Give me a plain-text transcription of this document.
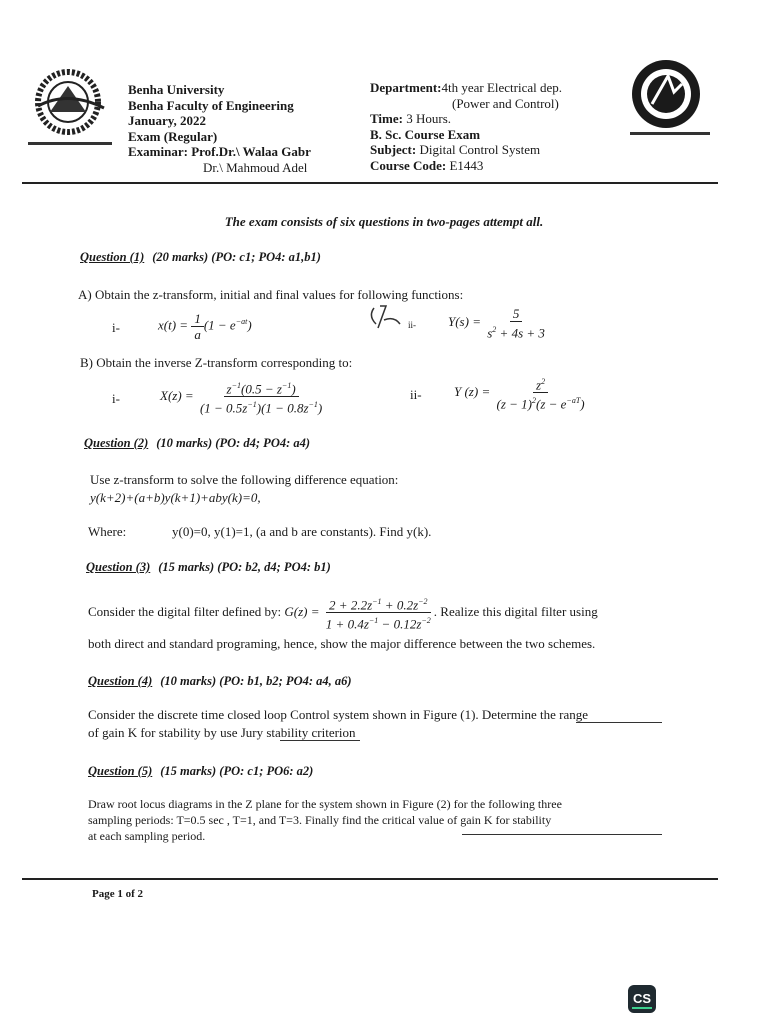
Benha University
Benha Faculty of Engineering
January, 2022
Exam (Regular)
Examinar: Prof.Dr.\ Walaa Gabr
Dr.\ Mahmoud Adel
Department:4th year Electrical dep.
(Power and Control)
Time: 3 Hours.
B. Sc. Course Exam
Subject: Digital Control System
Course Code: E1443
The exam consists of six questions in two-pages attempt all.
Question (1) (20 marks) (PO: c1; PO4: a1,b1)
A) Obtain the z-transform, initial and final values for following functions:
i-	$x(t) = \frac{1}{a} (1 - e^{-at})$	ii- $Y(s) = \frac{5}{s^2 + 4s + 3}$
B) Obtain the inverse Z-transform corresponding to:
i-	$X(z) = \frac{z^{-1}(0.5 - z^{-1})}{(1 - 0.5z^{-1})(1 - 0.8z^{-1})}$	ii- Y $(z) = \frac{z^2}{(z - 1)^2(z - e^{-aT})}$
Question (2) (10 marks) (PO: d4; PO4: a4)
Use z-transform to solve the following difference equation:
y(k+2)+(a+b)y(k+1)+aby(k)=0,
Where:	y(0)=0, y(1)=1, (a and b are constants). Find y(k).
Question (3) (15 marks) (PO: b2, d4; PO4: b1)
Consider the digital filter defined by: $G(z) = \frac{2 + 2.2z^{-1} + 0.2z^{-2}}{1 + 0.4z^{-1} - 0.12z^{-2}}$ . Realize this digital filter using
both direct and standard programing, hence, show the major difference between the two schemes.
Question (4) (10 marks) (PO: b1, b2; PO4: a4, a6)
Consider the discrete time closed loop Control system shown in Figure (1). Determine the range
of gain K for stability by use Jury stability criterion
Question (5) (15 marks) (PO: c1; PO6: a2)
Draw root locus diagrams in the Z plane for the system shown in Figure (2) for the following three
sampling periods: T=0.5 sec , T=1, and T=3. Finally find the critical value of gain K for stability
at each sampling period.
Page 1 of 2
CS
